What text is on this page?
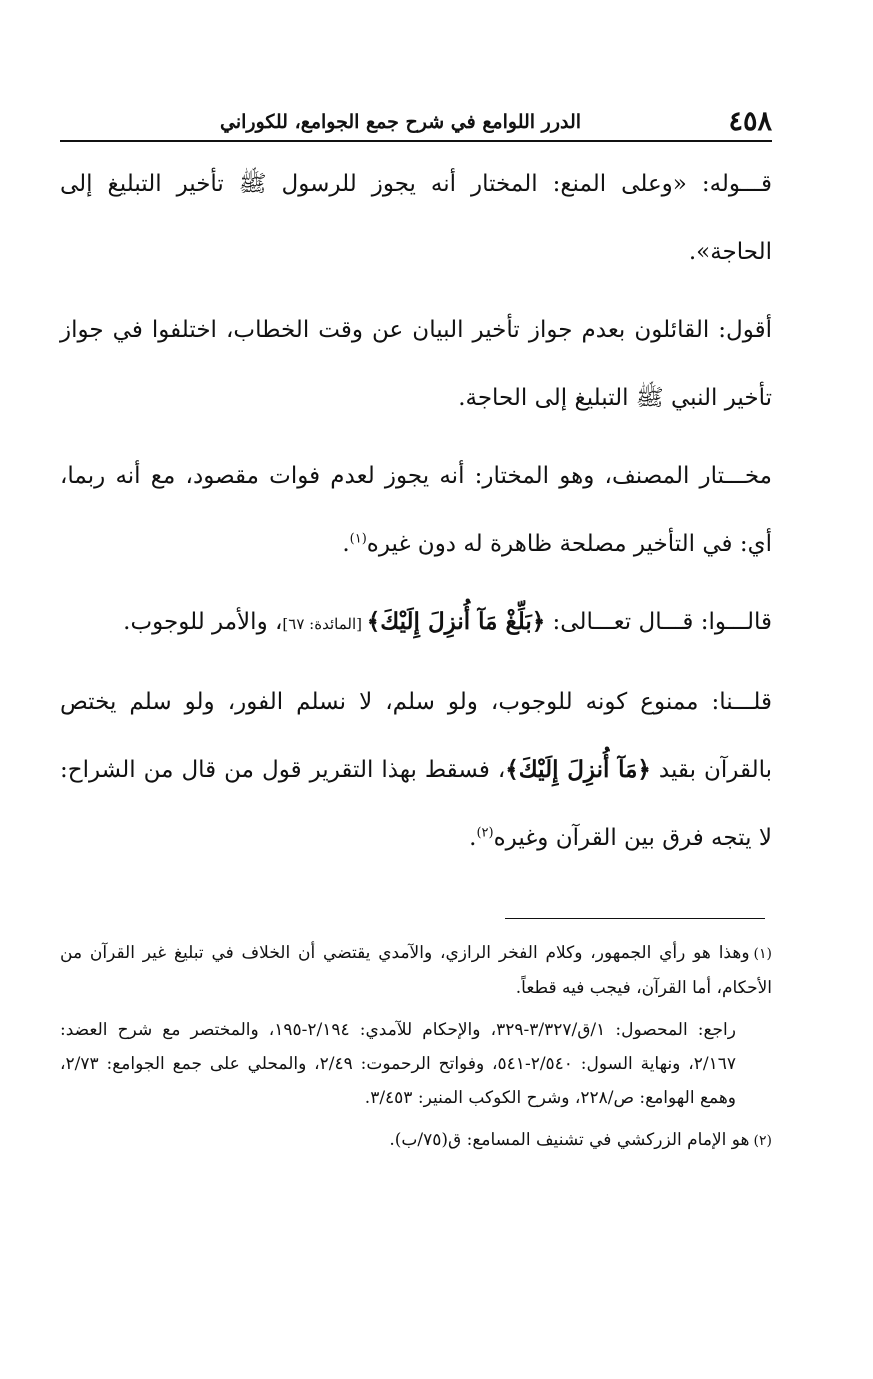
٤٥٨
الدرر اللوامع في شرح جمع الجوامع، للكوراني

قـــوله: «وعلى المنع: المختار أنه يجوز للرسول ﷺ تأخير التبليغ إلى الحاجة».

أقول: القائلون بعدم جواز تأخير البيان عن وقت الخطاب، اختلفوا في جواز تأخير النبي ﷺ التبليغ إلى الحاجة.

مخـــتار المصنف، وهو المختار: أنه يجوز لعدم فوات مقصود، مع أنه ربما، أي: في التأخير مصلحة ظاهرة له دون غيره$^{(١)}$.

قالـــوا: قـــال تعـــالى: ﴿بَلِّغْ مَآ أُنزِلَ إِلَيْكَ﴾ [المائدة: ٦٧]، والأمر للوجوب.

قلـــنا: ممنوع كونه للوجوب، ولو سلم، لا نسلم الفور، ولو سلم يختص بالقرآن بقيد ﴿مَآ أُنزِلَ إِلَيْكَ﴾، فسقط بهذا التقرير قول من قال من الشراح: لا يتجه فرق بين القرآن وغيره$^{(٢)}$.

(١)وهذا هو رأي الجمهور، وكلام الفخر الرازي، والآمدي يقتضي أن الخلاف في تبليغ غير القرآن من الأحكام، أما القرآن، فيجب فيه قطعاً.

راجع: المحصول: ١/ق/٣/٣٢٧-٣٢٩، والإحكام للآمدي: ٢/١٩٤-١٩٥، والمختصر مع شرح العضد: ٢/١٦٧، ونهاية السول: ٢/٥٤٠-٥٤١، وفواتح الرحموت: ٢/٤٩، والمحلي على جمع الجوامع: ٢/٧٣، وهمع الهوامع: ص/٢٢٨، وشرح الكوكب المنير: ٣/٤٥٣.

(٢)هو الإمام الزركشي في تشنيف المسامع: ق(٧٥/ب).
